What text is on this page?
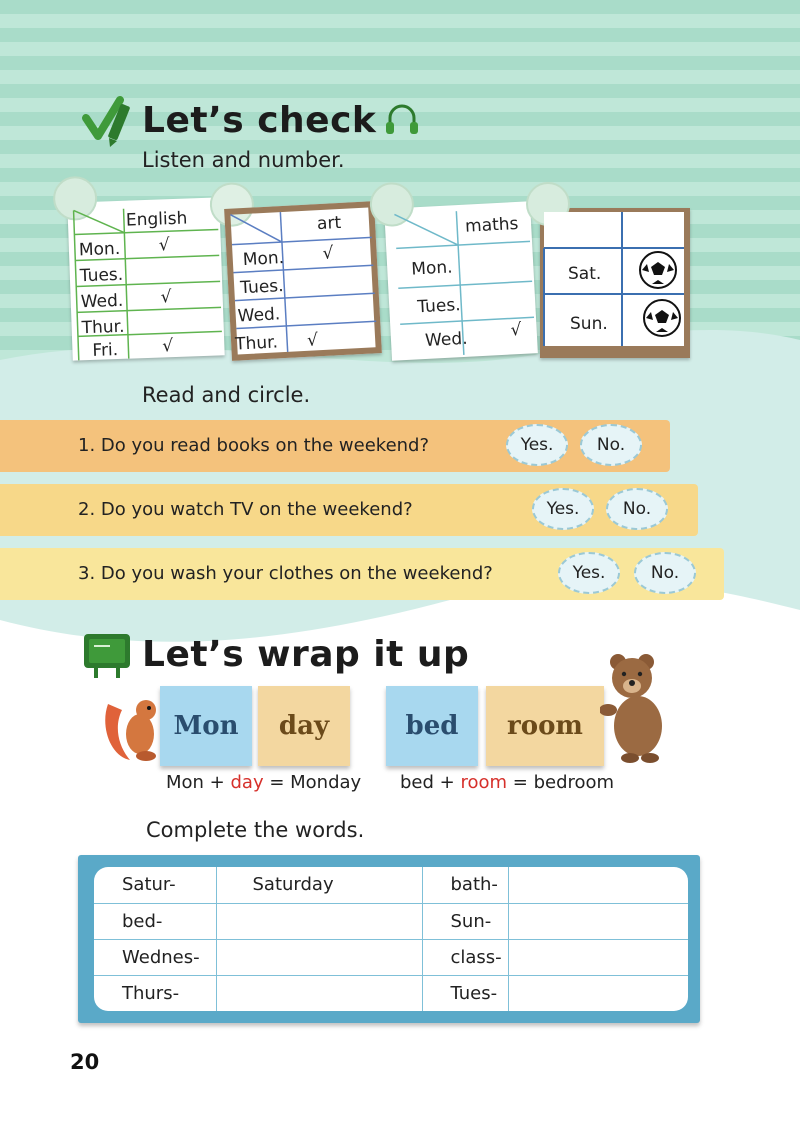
Let’s check
Listen and number.
English
Mon. √
Tues.
Wed. √
Thur.
Fri.	√
art
Mon. √
Tues.
Wed.
Thur. √
maths
Mon.
Tues.
Wed. √
Sat.
Sun.
Read and circle.
1. Do you read books on the weekend?	Yes.	No.
2. Do you watch TV on the weekend?	Yes.	No.
3. Do you wash your clothes on the weekend?	Yes.	No.
Let’s wrap it up
Mon	day	bed	room
Mon + day = Monday bed + room = bedroom
Complete the words.
Satur-	Saturday	bath-	
bed-		Sun-	
Wednes-		class-	
Thurs-		Tues-	
20
